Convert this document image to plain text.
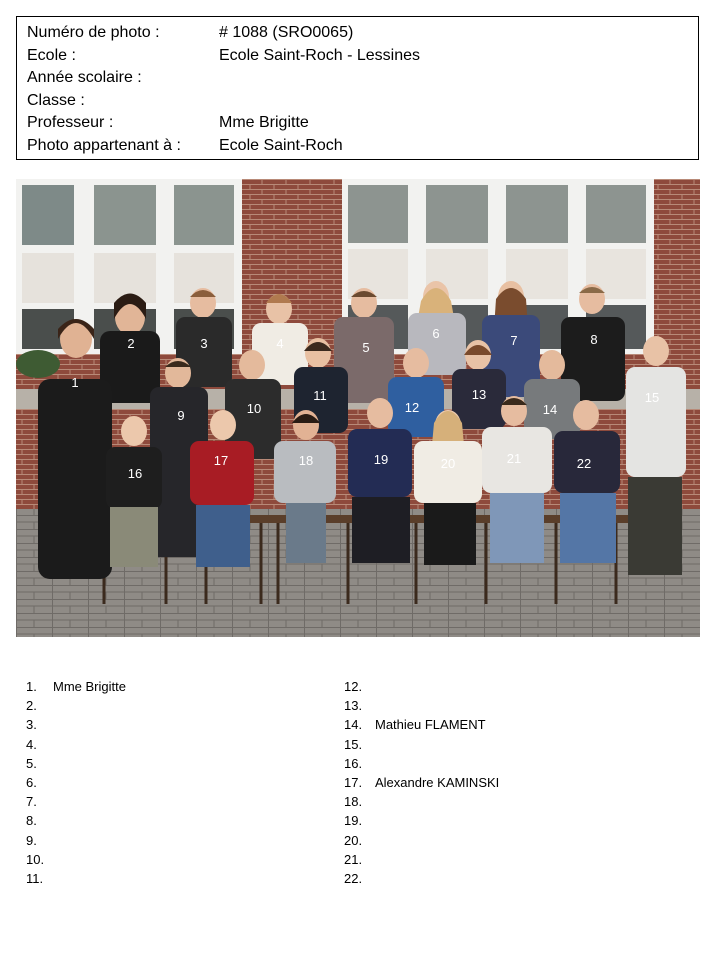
Numéro de photo :	# 1088 (SRO0065)
Ecole :	Ecole Saint-Roch - Lessines
Année scolaire :
Classe :
Professeur :	Mme Brigitte
Photo appartenant à : Ecole Saint-Roch
1
2	3	4	5
6	7	8
9	10
11
12
13
14
15
16
17	18	19	20	21	22
1. Mme Brigitte
2.
3.
4.
5.
6.
7.
8.
9.
10.
11.
12.
13.
14. Mathieu FLAMENT
15.
16.
17. Alexandre KAMINSKI
18.
19.
20.
21.
22.
